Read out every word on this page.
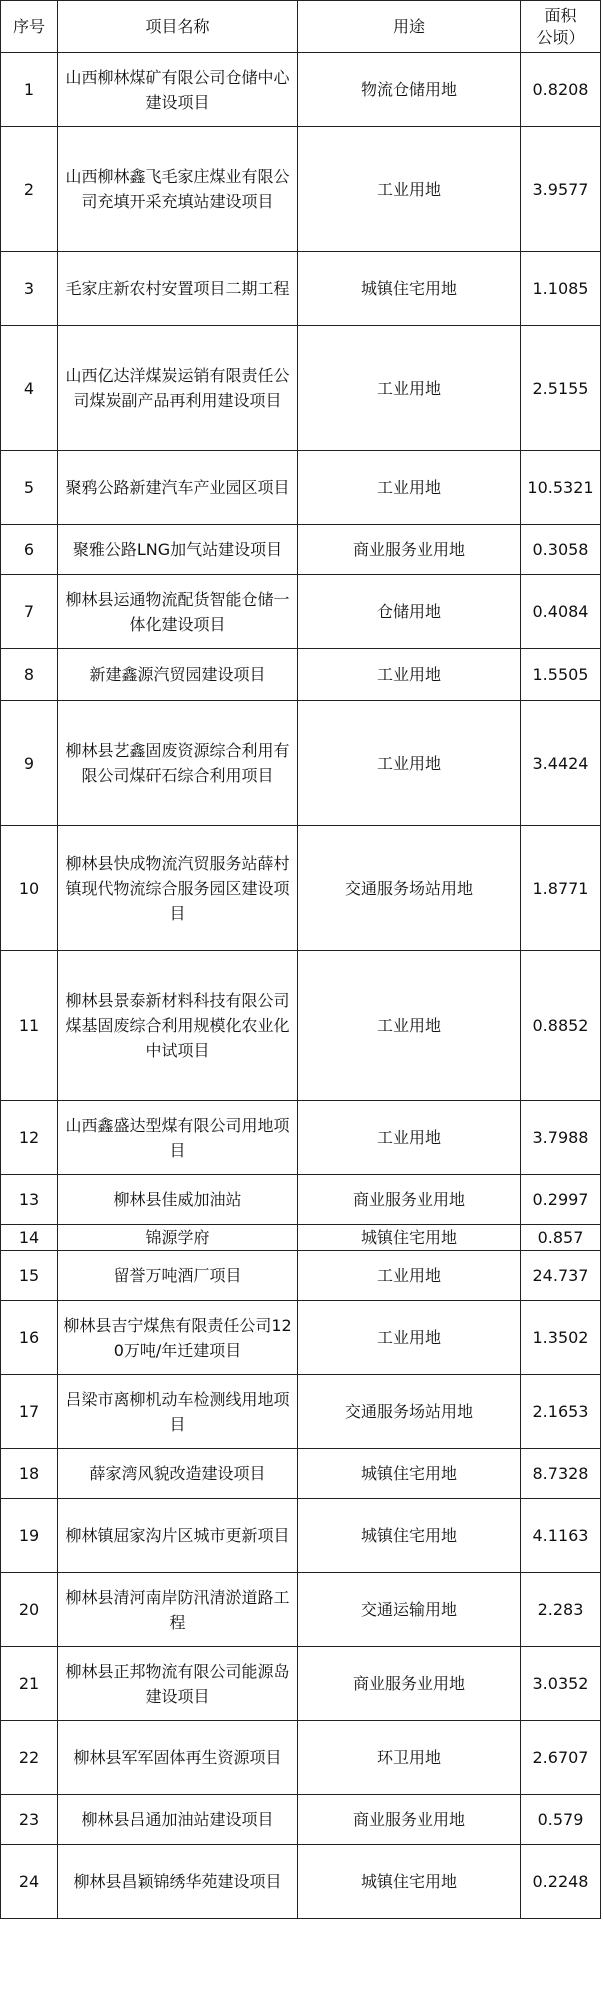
序号	项目名称	用途	面积
公顷）
1	山西柳林煤矿有限公司仓储中心建设项目	物流仓储用地	0.8208
2	山西柳林鑫飞毛家庄煤业有限公司充填开采充填站建设项目	工业用地	3.9577
3	毛家庄新农村安置项目二期工程	城镇住宅用地	1.1085
4	山西亿达洋煤炭运销有限责任公司煤炭副产品再利用建设项目	工业用地	2.5155
5	聚鸦公路新建汽车产业园区项目	工业用地	10.5321
6	聚雅公路LNG加气站建设项目	商业服务业用地	0.3058
7	柳林县运通物流配货智能仓储一体化建设项目	仓储用地	0.4084
8	新建鑫源汽贸园建设项目	工业用地	1.5505
9	柳林县艺鑫固废资源综合利用有限公司煤矸石综合利用项目	工业用地	3.4424
10	柳林县快成物流汽贸服务站薛村镇现代物流综合服务园区建设项目	交通服务场站用地	1.8771
11	柳林县景泰新材料科技有限公司煤基固废综合利用规模化农业化中试项目	工业用地	0.8852
12	山西鑫盛达型煤有限公司用地项目	工业用地	3.7988
13	柳林县佳威加油站	商业服务业用地	0.2997
14	锦源学府	城镇住宅用地	0.857
15	留誉万吨酒厂项目	工业用地	24.737
16	柳林县吉宁煤焦有限责任公司120万吨/年迁建项目	工业用地	1.3502
17	吕梁市离柳机动车检测线用地项目	交通服务场站用地	2.1653
18	薛家湾风貌改造建设项目	城镇住宅用地	8.7328
19	柳林镇屈家沟片区城市更新项目	城镇住宅用地	4.1163
20	柳林县清河南岸防汛清淤道路工程	交通运输用地	2.283
21	柳林县正邦物流有限公司能源岛建设项目	商业服务业用地	3.0352
22	柳林县军军固体再生资源项目	环卫用地	2.6707
23	柳林县吕通加油站建设项目	商业服务业用地	0.579
24	柳林县昌颖锦绣华苑建设项目	城镇住宅用地	0.2248
